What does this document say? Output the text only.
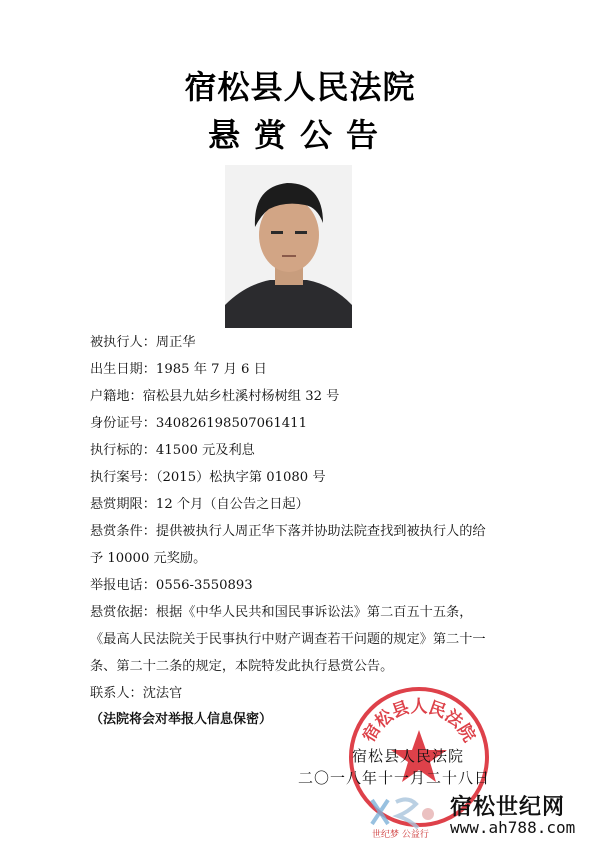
宿松县人民法院
悬赏公告
被执行人：周正华
出生日期：1985 年 7 月 6 日
户籍地：宿松县九姑乡杜溪村杨树组 32 号
身份证号：340826198507061411
执行标的：41500 元及利息
执行案号：（2015）松执字第 01080 号
悬赏期限：12 个月（自公告之日起）
悬赏条件：提供被执行人周正华下落并协助法院查找到被执行人的给
予 10000 元奖励。
举报电话：0556-3550893
悬赏依据：根据《中华人民共和国民事诉讼法》第二百五十五条，
《最高人民法院关于民事执行中财产调查若干问题的规定》第二十一
条、第二十二条的规定，本院特发此执行悬赏公告。
联系人：沈法官
（法院将会对举报人信息保密）
宿松县人民法院
宿松县人民法院
二〇一八年十一月二十八日
世纪梦 公益行
宿松世纪网
www.ah788.com
